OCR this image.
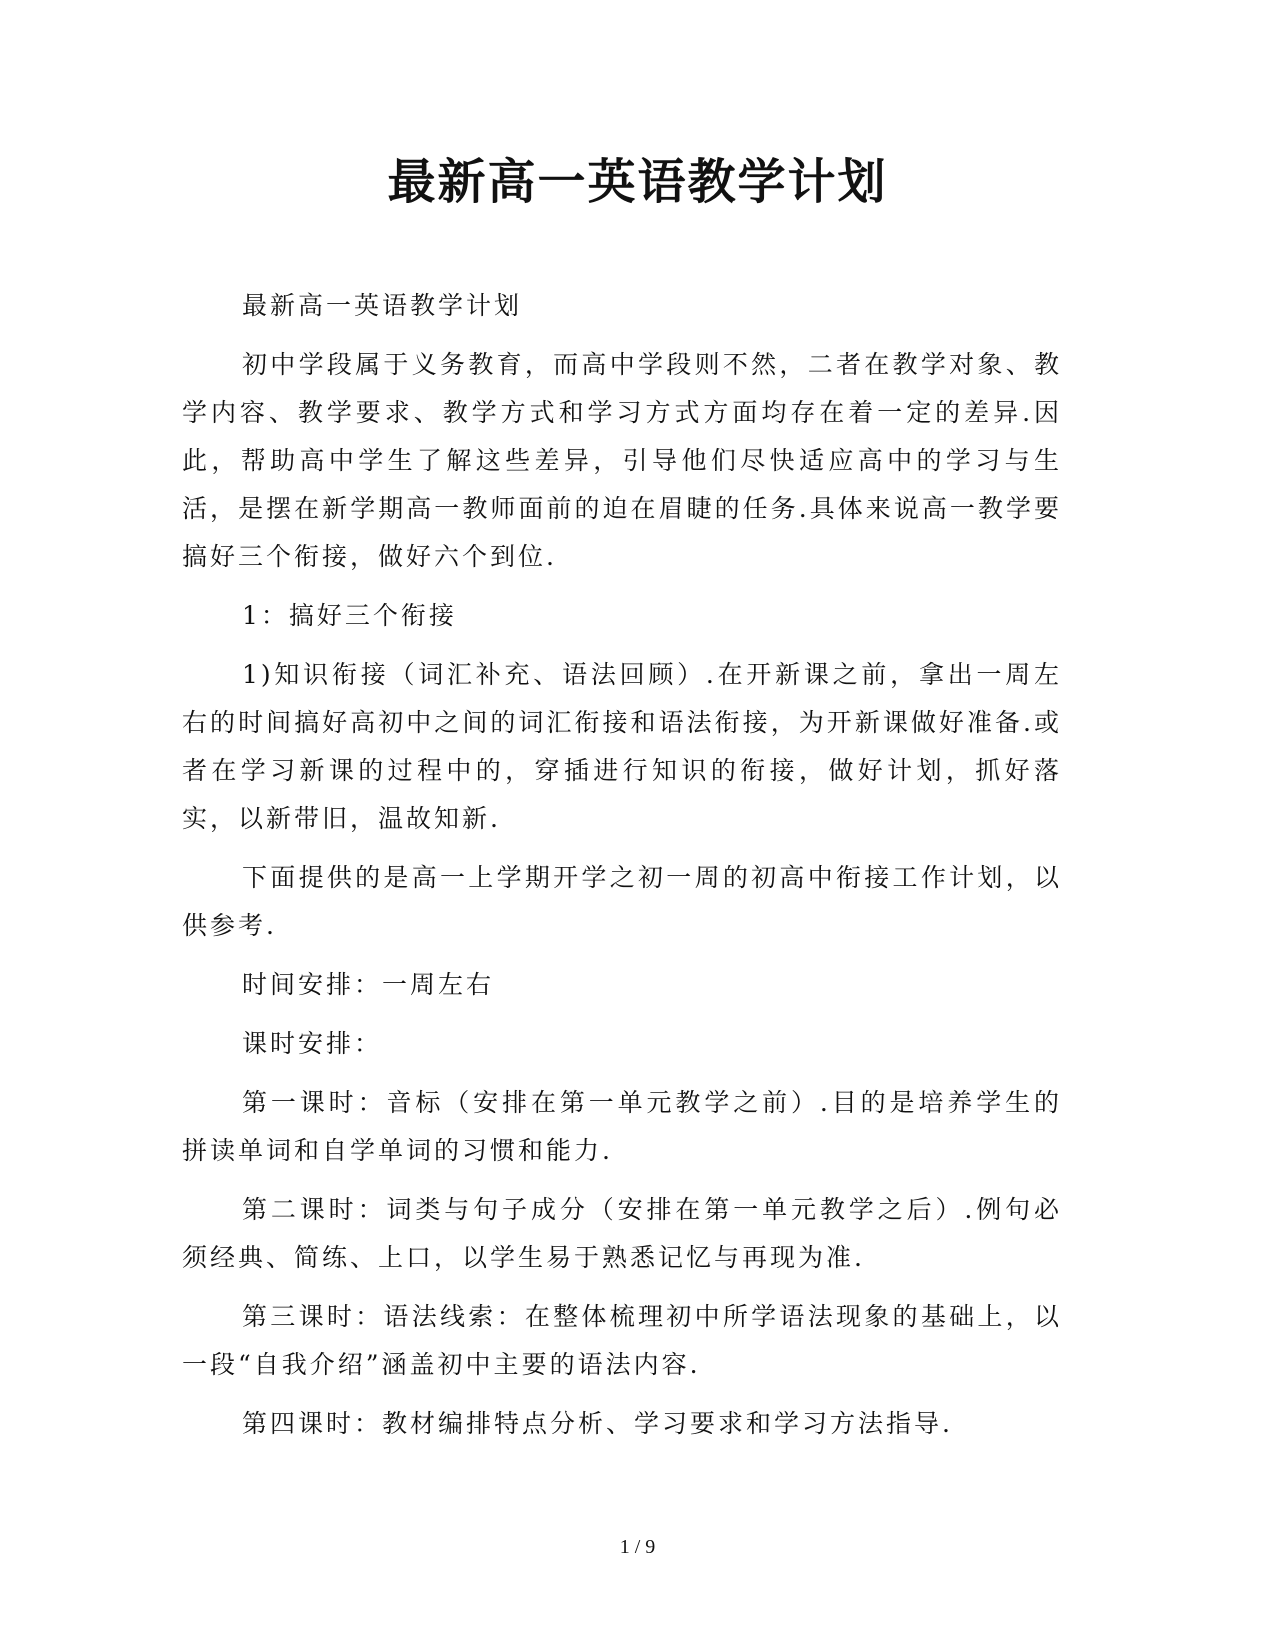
最新高一英语教学计划

最新高一英语教学计划

初中学段属于义务教育，而高中学段则不然，二者在教学对象、教学内容、教学要求、教学方式和学习方式方面均存在着一定的差异.因此，帮助高中学生了解这些差异，引导他们尽快适应高中的学习与生活，是摆在新学期高一教师面前的迫在眉睫的任务.具体来说高一教学要搞好三个衔接，做好六个到位.

1：搞好三个衔接

1)知识衔接（词汇补充、语法回顾）.在开新课之前，拿出一周左右的时间搞好高初中之间的词汇衔接和语法衔接，为开新课做好准备.或者在学习新课的过程中的，穿插进行知识的衔接，做好计划，抓好落实，以新带旧，温故知新.

下面提供的是高一上学期开学之初一周的初高中衔接工作计划，以供参考.

时间安排：一周左右

课时安排：

第一课时：音标（安排在第一单元教学之前）.目的是培养学生的拼读单词和自学单词的习惯和能力.

第二课时：词类与句子成分（安排在第一单元教学之后）.例句必须经典、简练、上口，以学生易于熟悉记忆与再现为准.

第三课时：语法线索：在整体梳理初中所学语法现象的基础上，以一段“自我介绍”涵盖初中主要的语法内容.

第四课时：教材编排特点分析、学习要求和学习方法指导.

1 / 9
